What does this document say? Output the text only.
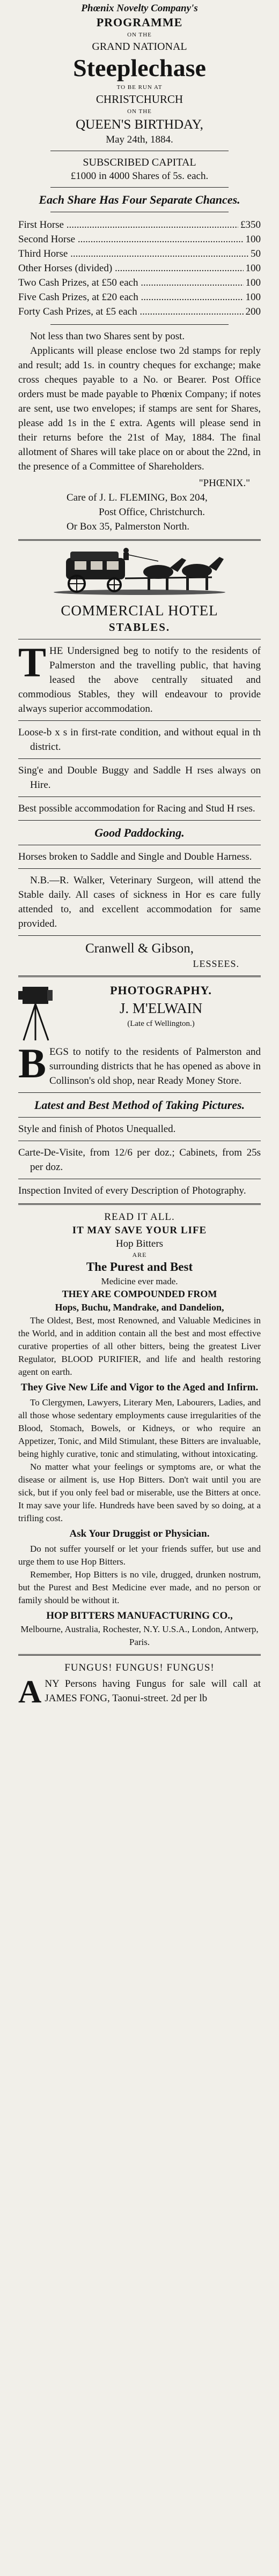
Phœnix Novelty Company's
PROGRAMME
ON THE
GRAND NATIONAL
Steeplechase
TO BE RUN AT
CHRISTCHURCH
ON THE
QUEEN'S BIRTHDAY,
May 24th, 1884.
SUBSCRIBED CAPITAL
£1000 in 4000 Shares of 5s. each.
Each Share Has Four Separate Chances.
First Horse .....	£350
Second Horse .....	100
Third Horse .....	50
Other Horses (divided) .....	100
Two Cash Prizes, at £50 each .....	100
Five Cash Prizes, at £20 each .....	100
Forty Cash Prizes, at £5 each .....	200

Not less than two Shares sent by post.

Applicants will please enclose two 2d stamps for reply and result; add 1s. in country cheques for exchange; make cross cheques payable to a No. or Bearer. Post Office orders must be made payable to Phœnix Company; if notes are sent, use two envelopes; if stamps are sent for Shares, please add 1s in the £ extra. Agents will please send in their returns before the 21st of May, 1884. The final allotment of Shares will take place on or about the 22nd, in the presence of a Committee of Shareholders.

"PHŒNIX."
Care of J. L. FLEMING, Box 204,
Post Office, Christchurch.
Or Box 35, Palmerston North.
COMMERCIAL HOTEL
STABLES.

THE Undersigned beg to notify to the residents of Palmerston and the travelling public, that having leased the above centrally situated and commodious Stables, they will endeavour to provide always superior accommodation.

Loose-b x s in first-rate condition, and without equal in th district.

Sing'e and Double Buggy and Saddle H rses always on Hire.

Best possible accommodation for Racing and Stud H rses.

Good Paddocking.

Horses broken to Saddle and Single and Double Harness.

N.B.—R. Walker, Veterinary Surgeon, will attend the Stable daily. All cases of sickness in Hor es care fully attended to, and excellent accommodation for same provided.

Cranwell & Gibson,
LESSEES.
PHOTOGRAPHY.
J. M'ELWAIN
(Late cf Wellington.)

BEGS to notify to the residents of Palmerston and surrounding districts that he has opened as above in Collinson's old shop, near Ready Money Store.

Latest and Best Method of Taking Pictures.

Style and finish of Photos Unequalled.

Carte-De-Visite, from 12/6 per doz.; Cabinets, from 25s per doz.

Inspection Invited of every Description of Photography.

READ IT ALL.
IT MAY SAVE YOUR LIFE
Hop Bitters
ARE
The Purest and Best
Medicine ever made.
THEY ARE COMPOUNDED FROM
Hops, Buchu, Mandrake, and Dandelion,

The Oldest, Best, most Renowned, and Valuable Medicines in the World, and in addition contain all the best and most effective curative properties of all other bitters, being the greatest Liver Regulator, BLOOD PURIFIER, and life and health restoring agent on earth.

They Give New Life and Vigor to the Aged and Infirm.

To Clergymen, Lawyers, Literary Men, Labourers, Ladies, and all those whose sedentary employments cause irregularities of the Blood, Stomach, Bowels, or Kidneys, or who require an Appetizer, Tonic, and Mild Stimulant, these Bitters are invaluable, being highly curative, tonic and stimulating, without intoxicating.

No matter what your feelings or symptoms are, or what the disease or ailment is, use Hop Bitters. Don't wait until you are sick, but if you only feel bad or miserable, use the Bitters at once. It may save your life. Hundreds have been saved by so doing, at a trifling cost.

Ask Your Druggist or Physician.

Do not suffer yourself or let your friends suffer, but use and urge them to use Hop Bitters.

Remember, Hop Bitters is no vile, drugged, drunken nostrum, but the Purest and Best Medicine ever made, and no person or family should be without it.

HOP BITTERS MANUFACTURING CO.,

Melbourne, Australia, Rochester, N.Y. U.S.A., London, Antwerp, Paris.

FUNGUS! FUNGUS! FUNGUS!

ANY Persons having Fungus for sale will call at JAMES FONG, Taonui-street. 2d per lb
